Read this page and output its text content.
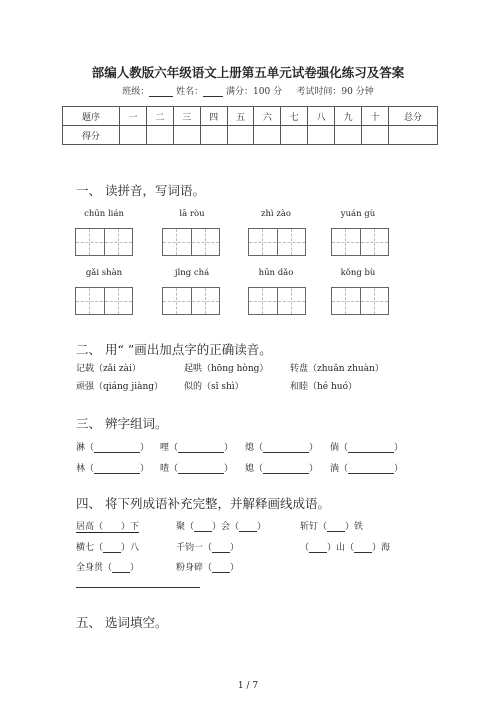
部编人教版六年级语文上册第五单元试卷强化练习及答案
班级：	姓名：	满分：100 分 考试时间：90 分钟
题序	一	二	三	四	五	六	七	八	九	十	总分
得分											
一、 读拼音，写词语。
chūn lián	lā ròu	zhì zào	yuán gù
gǎi shàn	jǐng chá	hūn dǎo	kǒng bù
二、 用“ ”画出加点字的正确读音。
记载（zǎi zài）	起哄（hōng hòng） 转盘（zhuǎn zhuàn）
顽强（qiáng jiàng） 似的（sǐ shì）	和睦（hé huó）
三、 辨字组词。
淋（	） 哩（	） 熄（	） 倘（	）
林（	） 喳（	） 媳（	） 淌（	）
四、 将下列成语补充完整，并解释画线成语。
居高（ ）下	聚（ ）会（ ）	斩钉（ ）铁
横七（ ）八	千钧一（ ）	（ ）山（ ）海
全身贯（ ）	粉身碎（ ）
五、 选词填空。
1 / 7
